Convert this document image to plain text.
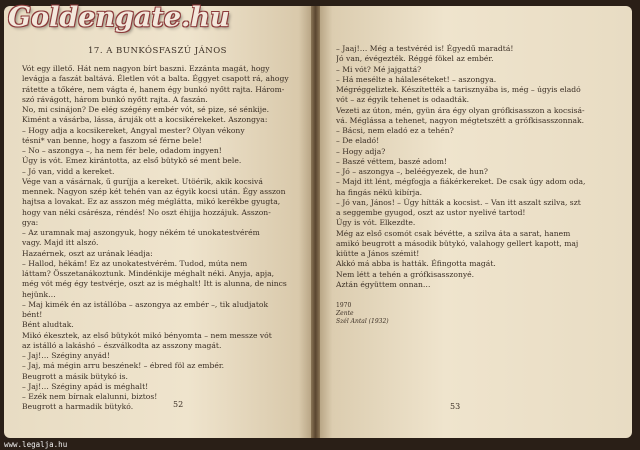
17. A BUNKÓSFASZÚ JÁNOS
Vót egy illető. Hát nem nagyon bírt baszni. Ezzánta magát, hogy
levágja a faszát baltává. Életlen vót a balta. Éggyet csapott rá, ahogy
rátette a tőkére, nem vágta é, hanem égy bunkó nyőtt rajta. Három-
szó rávágott, három bunkó nyőtt rajta. A faszán.
No, mi csinájon? De elég szégény embér vót, sé pize, sé sénkije.
Kimént a vásárba, lássa, áruják ott a kocsikérekeket. Aszongya:
– Hogy adja a kocsikereket, Angyal mester? Olyan vékony
tésni* van benne, hogy a faszom sé férne bele!
– No – aszongya –, ha nem fér bele, odadom ingyen!
Úgy is vót. Emez kirántotta, az első bütykö sé ment bele.
– Jó van, vidd a kereket.
Vége van a vásárnak, ű guríjja a kereket. Utöérik, akik kocsivá
mennek. Nagyon szép két tehén van az égyik kocsi után. Égy asszon
hajtsa a lovakat. Ez az asszon még méglátta, mikó kerékbe gyugta,
hogy van néki csárésza, réndés! No oszt éhijja hozzájuk. Asszon-
gya:
– Az uramnak maj aszongyuk, hogy nékém té unokatestvérém
vagy. Majd itt alszó.
Hazaérnek, oszt az urának léadja:
– Hallod, hékám! Ez az unokatestvérém. Tudod, múta nem
láttam? Összetanákoztunk. Mindénkije méghalt néki. Anyja, apja,
még vót még égy testvérje, oszt az is méghalt! Itt is alunna, de nincs
hejünk…
– Maj kimék én az istállóba – aszongya az embér –, tik aludjatok
bént!
Bént aludtak.
Mikó ékesztek, az első bütykót mikó bényomta – nem messze vót
az istálló a lakáshó – észválkodta az asszony magát.
– Jaj!… Széginy anyád!
– Jaj, má mégin arru beszének! – ébred föl az embér.
Beugrott a másik bütykó is.
– Jaj!… Széginy apád is méghalt!
– Ezék nem bírnak elalunni, biztos!
Beugrott a harmadik bütykó.	52
– Jaaj!… Még a testvéréd is! Égyedű maradtá!
Jó van, évégezték. Réggé fökel az embér.
– Mi vót? Mé jajgattá?
– Há mesélte a hálaleséteket! – aszongya.
Mégréggeliztek. Készítették a tarisznyába is, még – úgyis eladó
vót – az égyik tehenet is odaadták.
Vezeti az úton, mén, gyün ára égy olyan grófkisasszon a kocsisá-
vá. Méglássa a tehenet, nagyon mégtetszétt a grófkisasszonnak.
– Bácsi, nem eladó ez a tehén?
– De eladó!
– Hogy adja?
– Baszé véttem, baszé adom!
– Jó – aszongya –, beléégyezek, de hun?
– Majd itt lént, mégfogja a fiákérkereket. De csak úgy adom oda,
ha fingás nékü kibírja.
– Jó van, János! – Úgy hítták a kocsist. – Van itt aszalt szilva, szt
a seggembe gyugod, oszt az ustor nyelivé tartod!
Úgy is vót. Elkezdte.
Még az első csomót csak bévétte, a szilva áta a sarat, hanem
amikó beugrott a második bütykó, valahogy gellert kapott, maj
kiütte a János szémit!
Akkó má abba is hatták. Éfingotta magát.
Nem létt a tehén a grófkisasszonyé.
Aztán égyüttem onnan…
1970
Zente
Szél Antal (1932)
53
Goldengate.hu
www.legalja.hu
